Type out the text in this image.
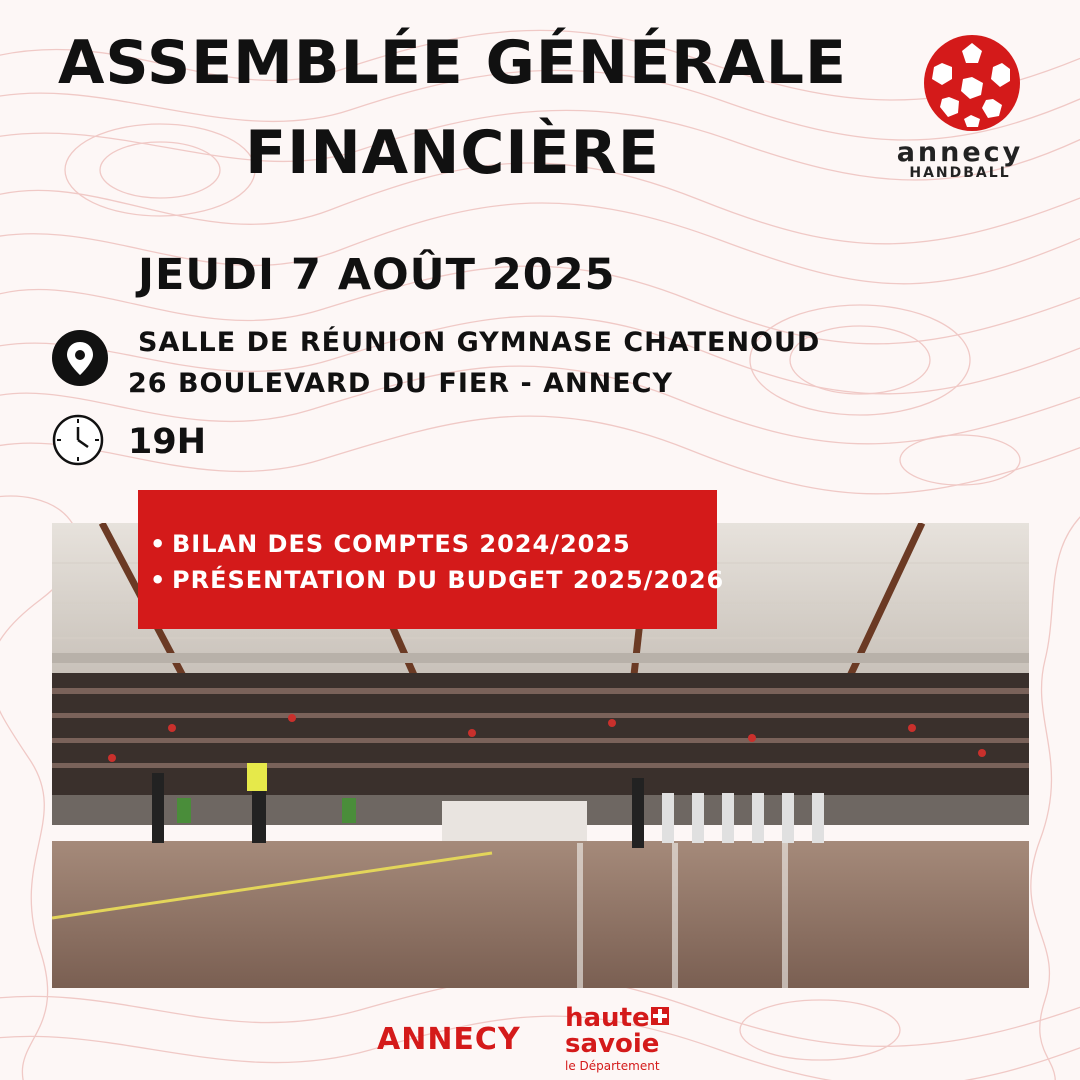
ASSEMBLÉE GÉNÉRALE
FINANCIÈRE	annecy
HANDBALL
JEUDI 7 AOÛT 2025
SALLE DE RÉUNION GYMNASE CHATENOUD
26 BOULEVARD DU FIER - ANNECY
19H
• BILAN DES COMPTES 2024/2025
• PRÉSENTATION DU BUDGET 2025/2026
ANNECY
haute
savoie
le Département
